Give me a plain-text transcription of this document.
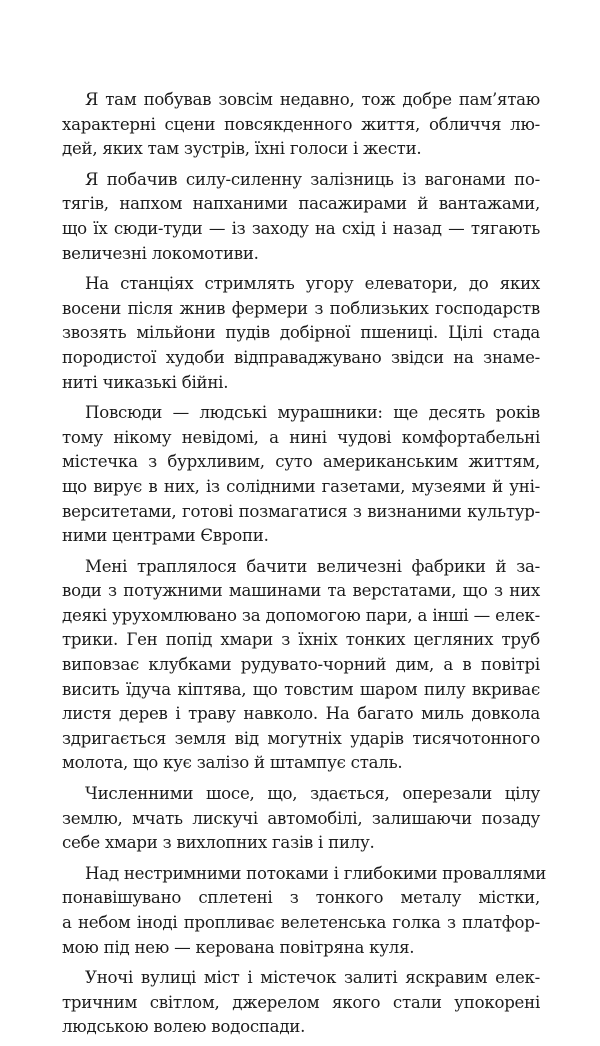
Я там побував зовсім недавно, тож добре пам’ятаю
характерні сцени повсякденного життя, обличчя лю-
дей, яких там зустрів, їхні голоси і жести.

Я побачив силу-силенну залізниць із вагонами по-
тягів, напхом напханими пасажирами й вантажами,
що їх сюди-туди — із заходу на схід і назад — тягають
величезні локомотиви.

На станціях стримлять угору елеватори, до яких
восени після жнив фермери з поблизьких господарств
звозять мільйони пудів добірної пшениці. Цілі стада
породистої худоби відправаджувано звідси на знаме-
ниті чиказькі бійні.

Повсюди — людські мурашники: ще десять років
тому нікому невідомі, а нині чудові комфортабельні
містечка з бурхливим, суто американським життям,
що вирує в них, із солідними газетами, музеями й уні-
верситетами, готові позмагатися з визнаними культур-
ними центрами Європи.

Мені траплялося бачити величезні фабрики й за-
води з потужними машинами та верстатами, що з них
деякі урухомлювано за допомогою пари, а інші — елек-
трики. Ген попід хмари з їхніх тонких цегляних труб
виповзає клубками рудувато-чорний дим, а в повітрі
висить їдуча кіптява, що товстим шаром пилу вкриває
листя дерев і траву навколо. На багато миль довкола
здригається земля від могутніх ударів тисячотонного
молота, що кує залізо й штампує сталь.

Численними шосе, що, здається, оперезали цілу
землю, мчать лискучі автомобілі, залишаючи позаду
себе хмари з вихлопних газів і пилу.

Над нестримними потоками і глибокими проваллями
понавішувано сплетені з тонкого металу містки,
а небом іноді пропливає велетенська голка з платфор-
мою під нею — керована повітряна куля.

Уночі вулиці міст і містечок залиті яскравим елек-
тричним світлом, джерелом якого стали упокорені
людською волею водоспади.
